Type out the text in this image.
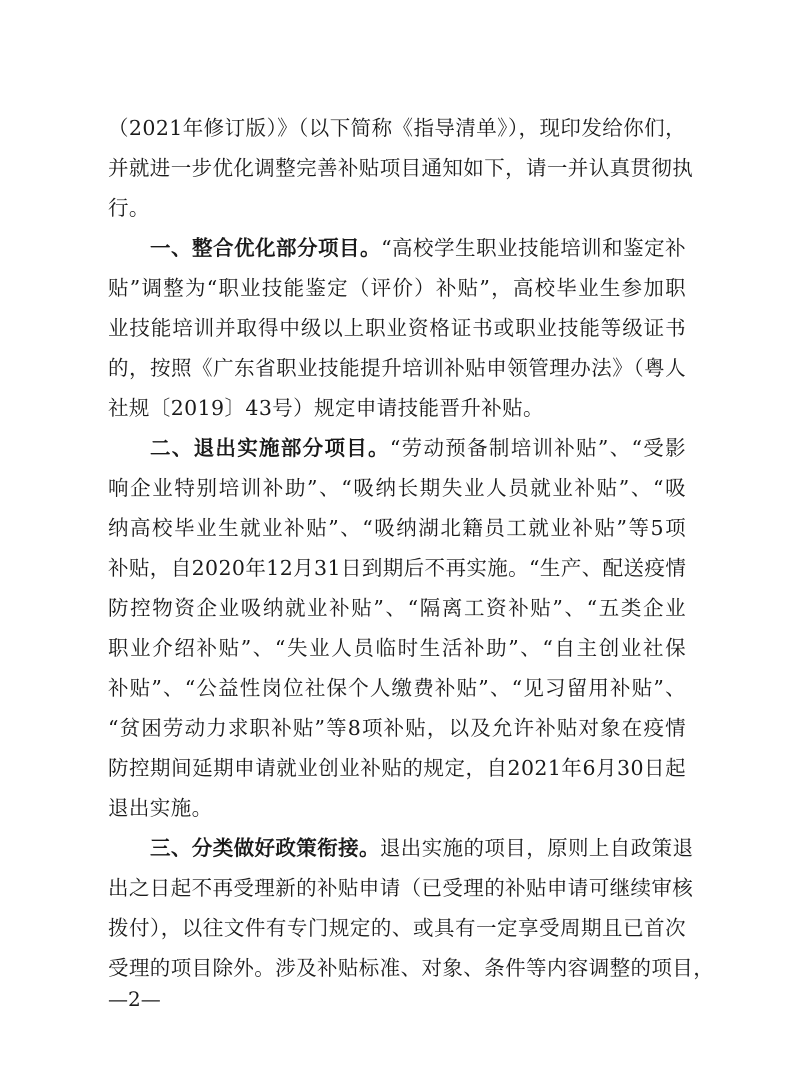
（2021年修订版）》（以下简称《指导清单》），现印发给你们，
并就进一步优化调整完善补贴项目通知如下，请一并认真贯彻执
行。
一、整合优化部分项目。“高校学生职业技能培训和鉴定补
贴”调整为“职业技能鉴定（评价）补贴”，高校毕业生参加职
业技能培训并取得中级以上职业资格证书或职业技能等级证书
的，按照《广东省职业技能提升培训补贴申领管理办法》（粤人
社规〔2019〕43号）规定申请技能晋升补贴。
二、退出实施部分项目。“劳动预备制培训补贴”、“受影
响企业特别培训补助”、“吸纳长期失业人员就业补贴”、“吸
纳高校毕业生就业补贴”、“吸纳湖北籍员工就业补贴”等5项
补贴，自2020年12月31日到期后不再实施。“生产、配送疫情
防控物资企业吸纳就业补贴”、“隔离工资补贴”、“五类企业
职业介绍补贴”、“失业人员临时生活补助”、“自主创业社保
补贴”、“公益性岗位社保个人缴费补贴”、“见习留用补贴”、
“贫困劳动力求职补贴”等8项补贴，以及允许补贴对象在疫情
防控期间延期申请就业创业补贴的规定，自2021年6月30日起
退出实施。
三、分类做好政策衔接。退出实施的项目，原则上自政策退
出之日起不再受理新的补贴申请（已受理的补贴申请可继续审核
拨付），以往文件有专门规定的、或具有一定享受周期且已首次
受理的项目除外。涉及补贴标准、对象、条件等内容调整的项目，
—2—
